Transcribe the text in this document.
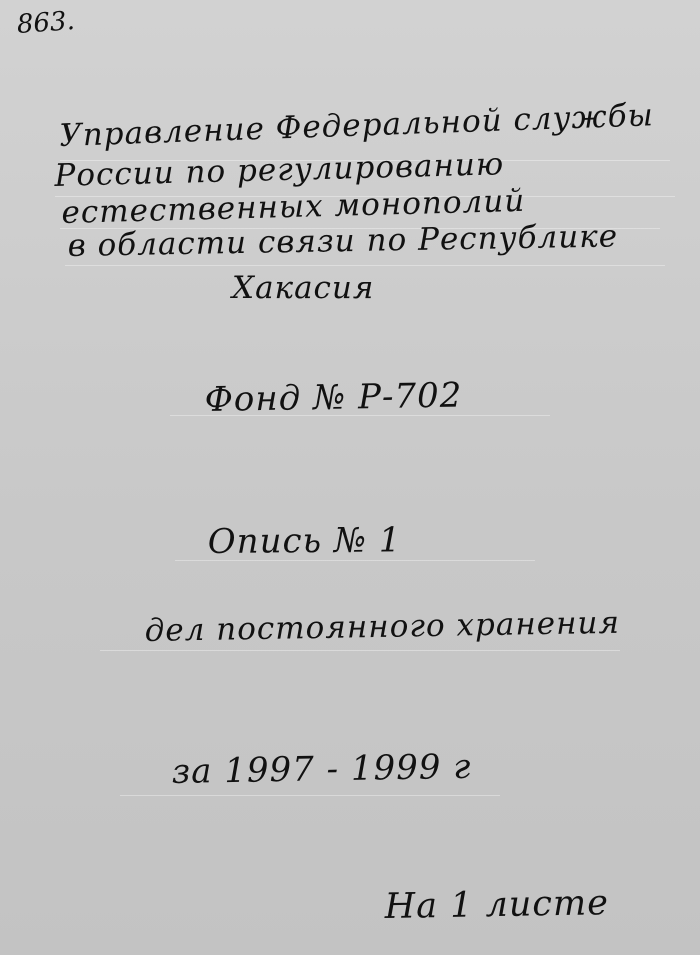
863.
Управление Федеральной службы
России по регулированию
естественных монополий
в области связи по Республике
Хакасия
Фонд № Р-702
Опись № 1
дел постоянного хранения
за 1997 - 1999 г
На 1 листе
